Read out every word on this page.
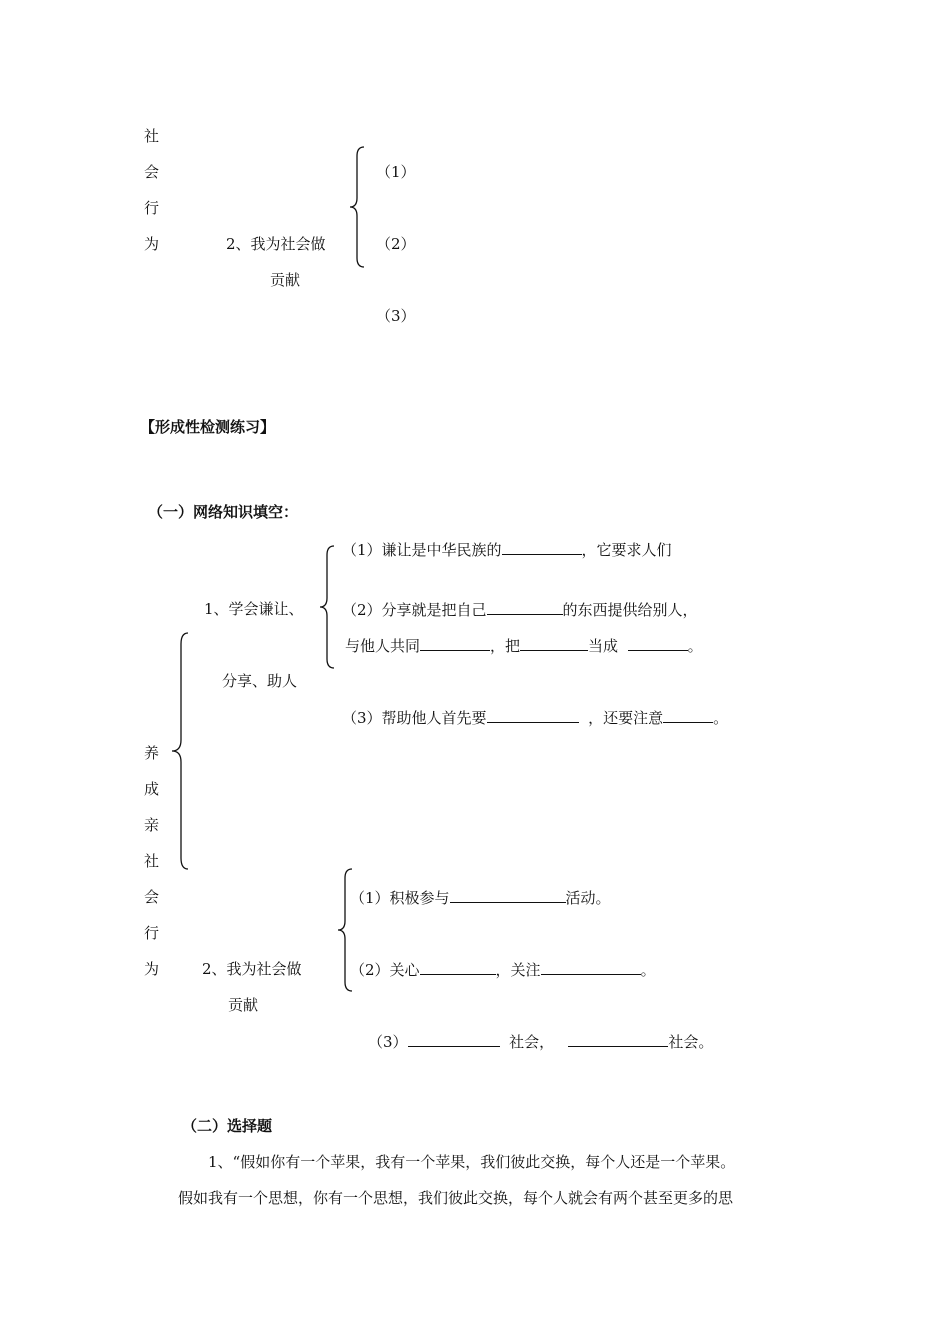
社
会
行
为	2、我为社会做
贡献
（1）
（2）
（3）
【形成性检测练习】
（一）网络知识填空：
1、学会谦让、
分享、助人
（1）谦让是中华民族的	，它要求人们
（2）分享就是把自己	的东西提供给别人，
与他人共同	，把	当成	。
（3）帮助他人首先要	，还要注意	。
养
成
亲
社
会
行
为	2、我为社会做
贡献
（1）积极参与	活动。
（2）关心	，关注	。
（3）	社会，	社会。
（二）选择题
1、“假如你有一个苹果，我有一个苹果，我们彼此交换，每个人还是一个苹果。
假如我有一个思想，你有一个思想，我们彼此交换，每个人就会有两个甚至更多的思
